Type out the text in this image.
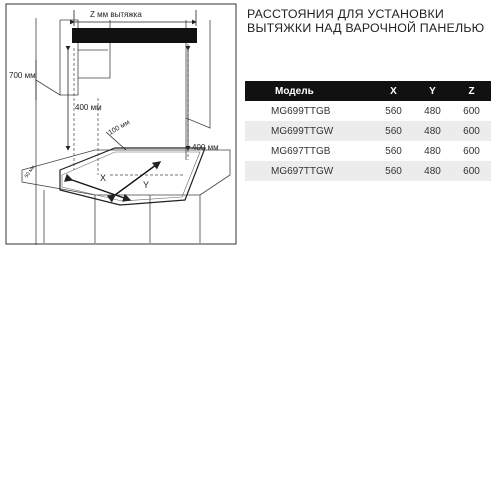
Z мм вытяжка
700 мм
400 мм
400 мм
100 мм
50 мм	X
Y
РАССТОЯНИЯ ДЛЯ УСТАНОВКИ
ВЫТЯЖКИ НАД ВАРОЧНОЙ ПАНЕЛЬЮ
Модель	X	Y	Z
MG699TTGB	560	480	600
MG699TTGW	560	480	600
MG697TTGB	560	480	600
MG697TTGW	560	480	600
